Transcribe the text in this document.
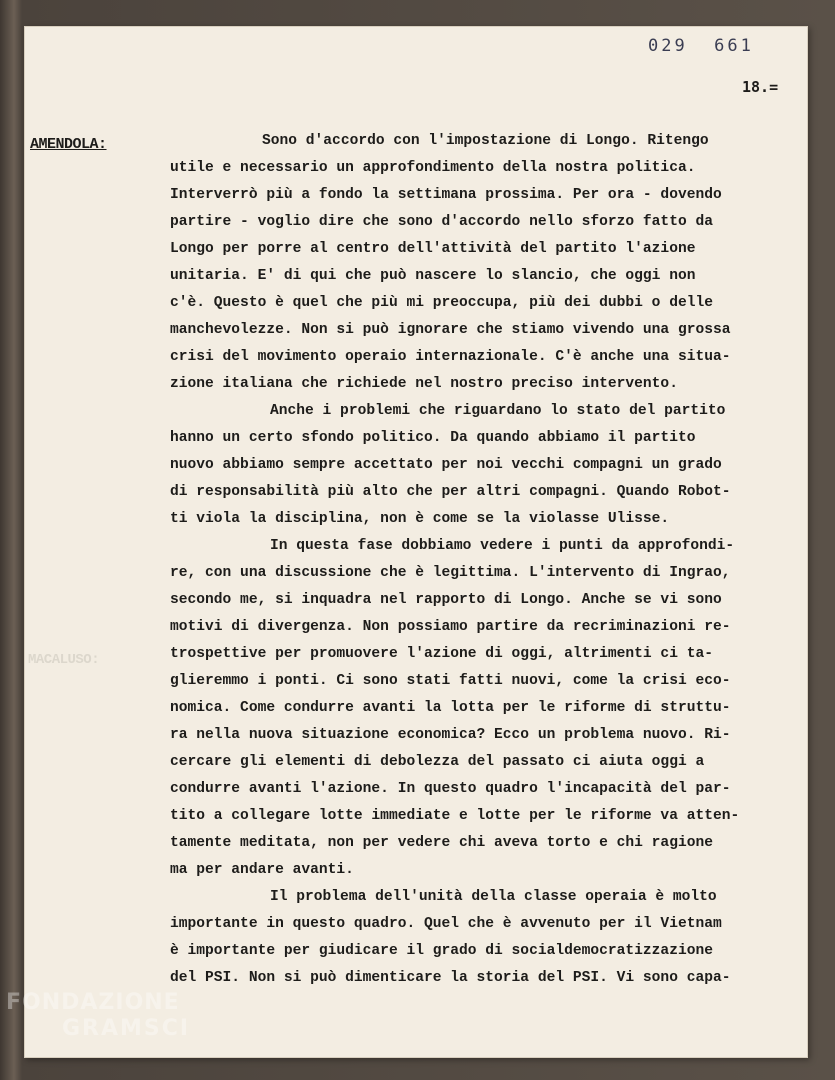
029  661
18.=
AMENDOLA:
MACALUSO:
Sono d'accordo con l'impostazione di Longo. Ritengo
utile e necessario un approfondimento della nostra politica.
Interverrò più a fondo la settimana prossima. Per ora - dovendo
partire - voglio dire che sono d'accordo nello sforzo fatto da
Longo per porre al centro dell'attività del partito l'azione
unitaria. E' di qui che può nascere lo slancio, che oggi non
c'è. Questo è quel che più mi preoccupa, più dei dubbi o delle
manchevolezze. Non si può ignorare che stiamo vivendo una grossa
crisi del movimento operaio internazionale. C'è anche una situa-
zione italiana che richiede nel nostro preciso intervento.
Anche i problemi che riguardano lo stato del partito
hanno un certo sfondo politico. Da quando abbiamo il partito
nuovo abbiamo sempre accettato per noi vecchi compagni un grado
di responsabilità più alto che per altri compagni. Quando Robot-
ti viola la disciplina, non è come se la violasse Ulisse.
In questa fase dobbiamo vedere i punti da approfondi-
re, con una discussione che è legittima. L'intervento di Ingrao,
secondo me, si inquadra nel rapporto di Longo. Anche se vi sono
motivi di divergenza. Non possiamo partire da recriminazioni re-
trospettive per promuovere l'azione di oggi, altrimenti ci ta-
glieremmo i ponti. Ci sono stati fatti nuovi, come la crisi eco-
nomica. Come condurre avanti la lotta per le riforme di struttu-
ra nella nuova situazione economica? Ecco un problema nuovo. Ri-
cercare gli elementi di debolezza del passato ci aiuta oggi a
condurre avanti l'azione. In questo quadro l'incapacità del par-
tito a collegare lotte immediate e lotte per le riforme va atten-
tamente meditata, non per vedere chi aveva torto e chi ragione
ma per andare avanti.
Il problema dell'unità della classe operaia è molto
importante in questo quadro. Quel che è avvenuto per il Vietnam
è importante per giudicare il grado di socialdemocratizzazione
del PSI. Non si può dimenticare la storia del PSI. Vi sono capa-
FONDAZIONE
GRAMSCI
